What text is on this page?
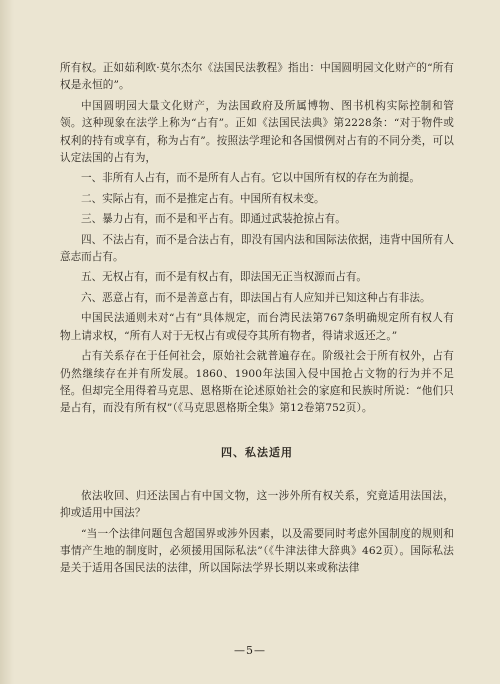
所有权。正如茹利欧·莫尔杰尔《法国民法教程》指出：中国圆明园文化财产的“所有权是永恒的”。

中国圆明园大量文化财产，为法国政府及所属博物、图书机构实际控制和管领。这种现象在法学上称为“占有”。正如《法国民法典》第2228条：“对于物件或权利的持有或享有，称为占有”。按照法学理论和各国惯例对占有的不同分类，可以认定法国的占有为，

一、非所有人占有，而不是所有人占有。它以中国所有权的存在为前提。

二、实际占有，而不是推定占有。中国所有权未变。

三、暴力占有，而不是和平占有。即通过武装抢掠占有。

四、不法占有，而不是合法占有，即没有国内法和国际法依据，违背中国所有人意志而占有。

五、无权占有，而不是有权占有，即法国无正当权源而占有。

六、恶意占有，而不是善意占有，即法国占有人应知并已知这种占有非法。

中国民法通则未对“占有”具体规定，而台湾民法第767条明确规定所有权人有物上请求权，“所有人对于无权占有或侵夺其所有物者，得请求返还之。”

占有关系存在于任何社会，原始社会就普遍存在。阶级社会于所有权外，占有仍然继续存在并有所发展。1860、1900年法国入侵中国抢占文物的行为并不足怪。但却完全用得着马克思、恩格斯在论述原始社会的家庭和民族时所说：“他们只是占有，而没有所有权”（《马克思恩格斯全集》第12卷第752页）。

四、私法适用

依法收回、归还法国占有中国文物，这一涉外所有权关系，究竟适用法国法，抑或适用中国法？

“当一个法律问题包含超国界或涉外因素，以及需要同时考虑外国制度的规则和事情产生地的制度时，必须援用国际私法”（《牛津法律大辞典》462页）。国际私法是关于适用各国民法的法律，所以国际法学界长期以来或称法律

—5—
